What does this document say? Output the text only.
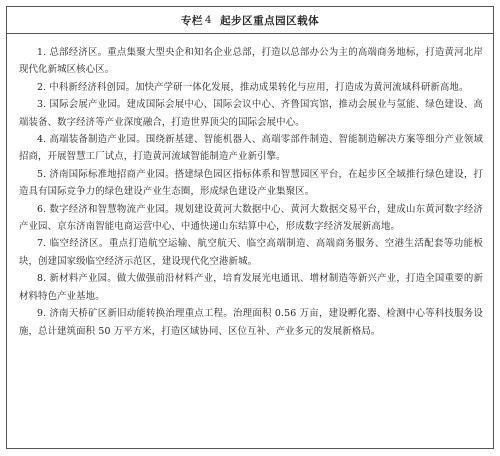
专栏 4 起步区重点园区载体

1. 总部经济区。重点集聚大型央企和知名企业总部，打造以总部办公为主的高端商务地标，打造黄河北岸现代化新城区核心区。

2. 中科新经济科创园。加快产学研一体化发展，推动成果转化与应用，打造成为黄河流域科研新高地。

3. 国际会展产业园。建成国际会展中心、国际会议中心、齐鲁国宾馆，推动会展业与氢能、绿色建设、高端装备、数字经济等产业深度融合，打造世界顶尖的国际会展中心。

4. 高端装备制造产业园。围绕新基建、智能机器人、高端零部件制造、智能制造解决方案等细分产业领域招商，开展智慧工厂试点，打造黄河流域智能制造产业新引擎。

5. 济南国际标准地招商产业园。搭建绿色园区指标体系和智慧园区平台，在起步区全域推行绿色建设，打造具有国际竞争力的绿色建设产业生态圈，形成绿色建设产业集聚区。

6. 数字经济和智慧物流产业园。规划建设黄河大数据中心、黄河大数据交易平台，建成山东黄河数字经济产业园、京东济南智能电商运营中心、中通快递山东结算中心，形成数字经济发展新高地。

7. 临空经济区。重点打造航空运输、航空航天、临空高端制造、高端商务服务、空港生活配套等功能板块，创建国家级临空经济示范区，建设现代化空港新城。

8. 新材料产业园。做大做强前沿材料产业，培育发展光电通讯、增材制造等新兴产业，打造全国重要的新材料特色产业基地。

9. 济南天桥矿区新旧动能转换治理重点工程。治理面积 0.56 万亩，建设孵化器、检测中心等科技服务设施，总计建筑面积 50 万平方米，打造区域协同、区位互补、产业多元的发展新格局。
